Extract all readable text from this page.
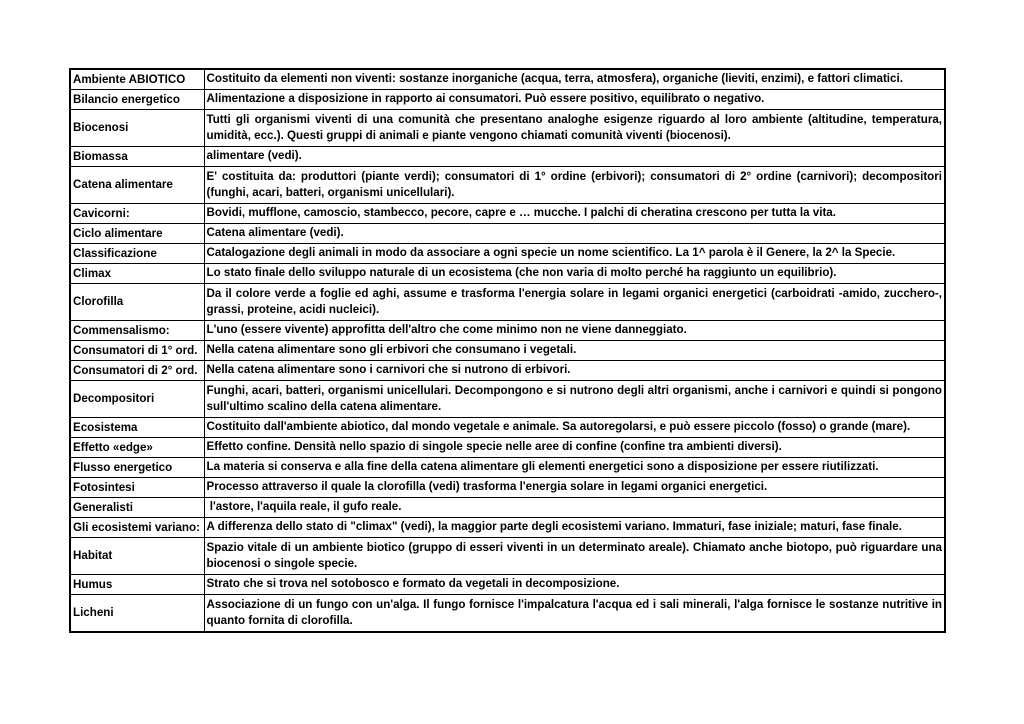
Ambiente ABIOTICO	Costituito da elementi non viventi: sostanze inorganiche (acqua, terra, atmosfera), organiche (lieviti, enzimi), e fattori climatici.
Bilancio energetico	Alimentazione a disposizione in rapporto ai consumatori. Può essere positivo, equilibrato o negativo.
Biocenosi	Tutti gli organismi viventi di una comunità che presentano analoghe esigenze riguardo al loro ambiente (altitudine, temperatura, umidità, ecc.). Questi gruppi di animali e piante vengono chiamati comunità viventi (biocenosi).
Biomassa	alimentare (vedi).
Catena alimentare	E' costituita da: produttori (piante verdi); consumatori di 1° ordine (erbivori); consumatori di 2° ordine (carnivori); decompositori (funghi, acari, batteri, organismi unicellulari).
Cavicorni:	Bovidi, mufflone, camoscio, stambecco, pecore, capre e … mucche. I palchi di cheratina crescono per tutta la vita.
Ciclo alimentare	Catena alimentare (vedi).
Classificazione	Catalogazione degli animali in modo da associare a ogni specie un nome scientifico. La 1^ parola è il Genere, la 2^ la Specie.
Climax	Lo stato finale dello sviluppo naturale di un ecosistema (che non varia di molto perché ha raggiunto un equilibrio).
Clorofilla	Da il colore verde a foglie ed aghi, assume e trasforma l'energia solare in legami organici energetici (carboidrati -amido, zucchero-, grassi, proteine, acidi nucleici).
Commensalismo:	L'uno (essere vivente) approfitta dell'altro che come minimo non ne viene danneggiato.
Consumatori di 1° ord.	Nella catena alimentare sono gli erbivori che consumano i vegetali.
Consumatori di 2° ord.	Nella catena alimentare sono i carnivori che si nutrono di erbivori.
Decompositori	Funghi, acari, batteri, organismi unicellulari. Decompongono e si nutrono degli altri organismi, anche i carnivori e quindi si pongono sull'ultimo scalino della catena alimentare.
Ecosistema	Costituito dall'ambiente abiotico, dal mondo vegetale e animale. Sa autoregolarsi, e può essere piccolo (fosso) o grande (mare).
Effetto «edge»	Effetto confine. Densità nello spazio di singole specie nelle aree di confine (confine tra ambienti diversi).
Flusso energetico	La materia si conserva e alla fine della catena alimentare gli elementi energetici sono a disposizione per essere riutilizzati.
Fotosintesi	Processo attraverso il quale la clorofilla (vedi) trasforma l'energia solare in legami organici energetici.
Generalisti	l'astore, l'aquila reale, il gufo reale.
Gli ecosistemi variano:	A differenza dello stato di "climax" (vedi), la maggior parte degli ecosistemi variano. Immaturi, fase iniziale; maturi, fase finale.
Habitat	Spazio vitale di un ambiente biotico (gruppo di esseri viventi in un determinato areale). Chiamato anche biotopo, può riguardare una biocenosi o singole specie.
Humus	Strato che si trova nel sotobosco e formato da vegetali in decomposizione.
Licheni	Associazione di un fungo con un'alga. Il fungo fornisce l'impalcatura l'acqua ed i sali minerali, l'alga fornisce le sostanze nutritive in quanto fornita di clorofilla.
